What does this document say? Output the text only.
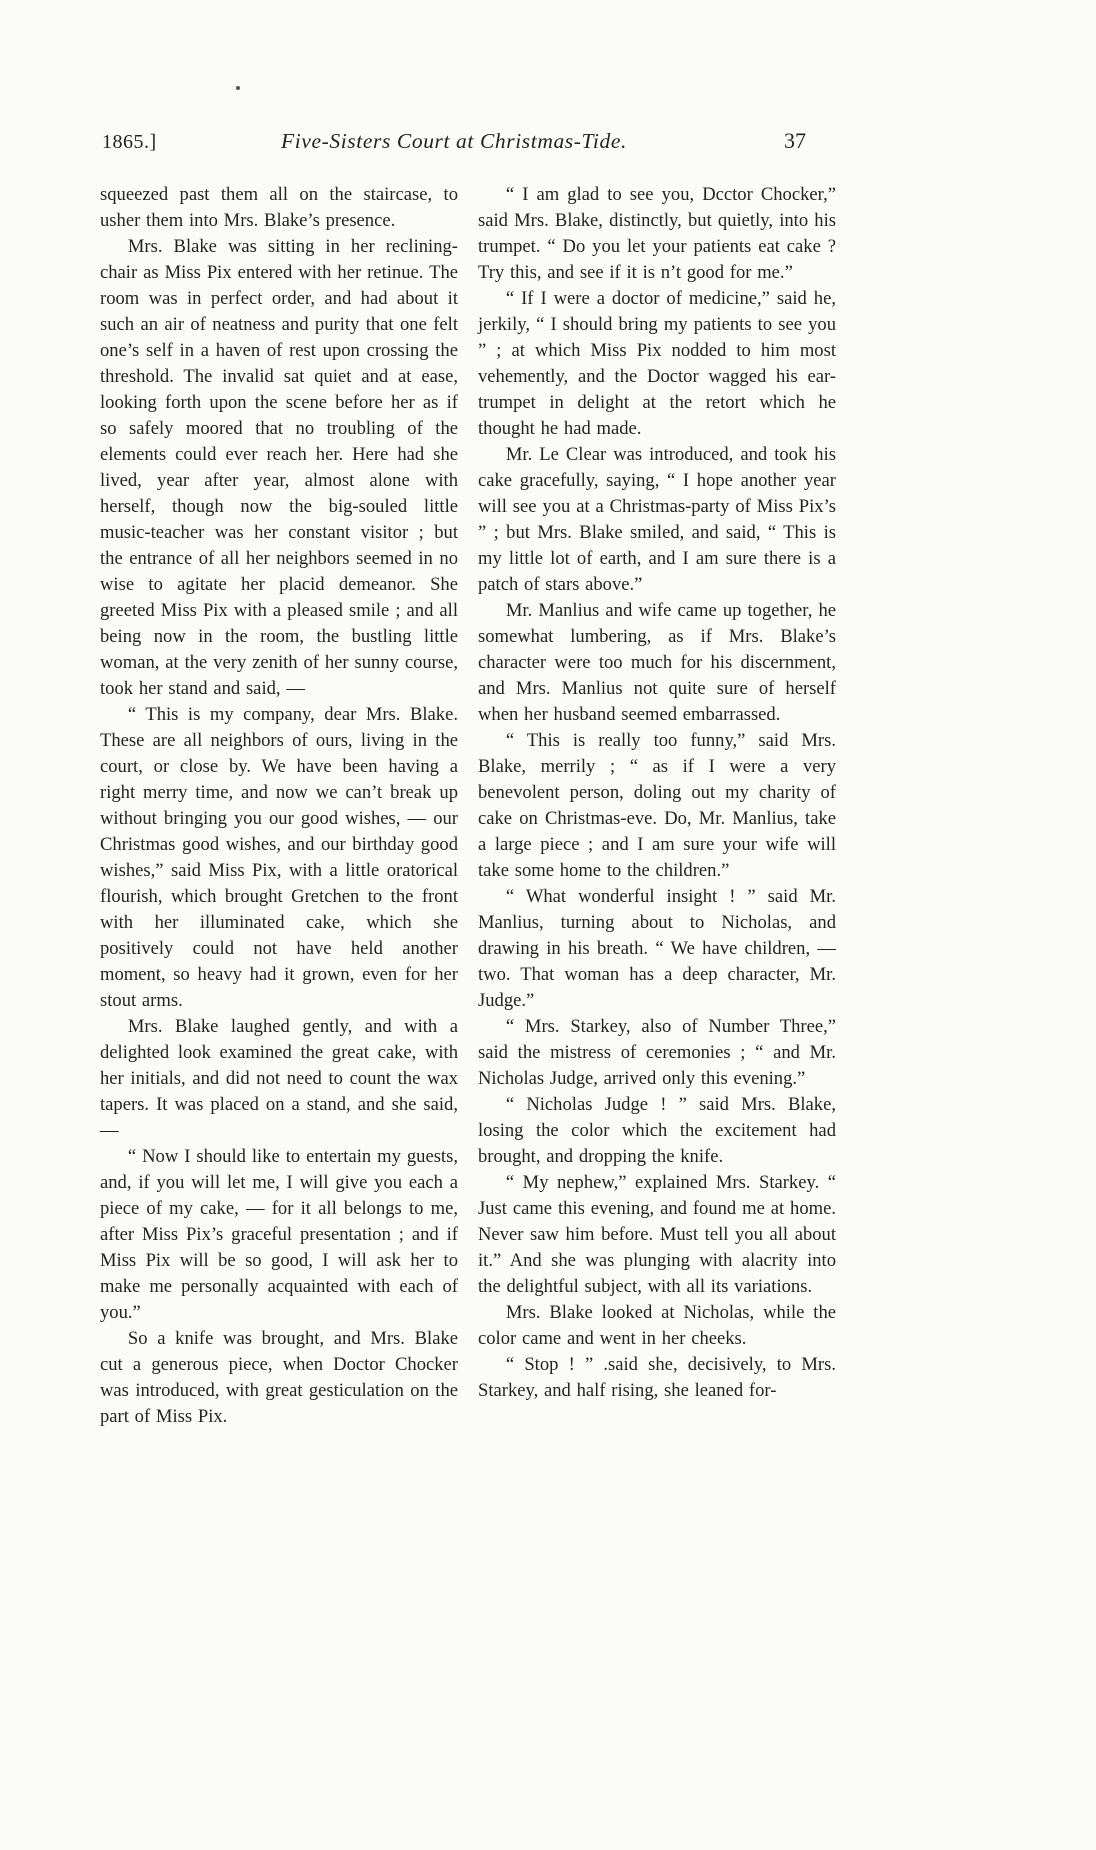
1865.]	Five-Sisters Court at Christmas-Tide.	37

squeezed past them all on the staircase, to usher them into Mrs. Blake’s presence.

Mrs. Blake was sitting in her reclining-chair as Miss Pix entered with her retinue. The room was in perfect order, and had about it such an air of neatness and purity that one felt one’s self in a haven of rest upon crossing the threshold. The invalid sat quiet and at ease, looking forth upon the scene before her as if so safely moored that no troubling of the elements could ever reach her. Here had she lived, year after year, almost alone with herself, though now the big-souled little music-teacher was her constant visitor ; but the entrance of all her neighbors seemed in no wise to agitate her placid demeanor. She greeted Miss Pix with a pleased smile ; and all being now in the room, the bustling little woman, at the very zenith of her sunny course, took her stand and said, —

“ This is my company, dear Mrs. Blake. These are all neighbors of ours, living in the court, or close by. We have been having a right merry time, and now we can’t break up without bringing you our good wishes, — our Christmas good wishes, and our birthday good wishes,” said Miss Pix, with a little oratorical flourish, which brought Gretchen to the front with her illuminated cake, which she positively could not have held another moment, so heavy had it grown, even for her stout arms.

Mrs. Blake laughed gently, and with a delighted look examined the great cake, with her initials, and did not need to count the wax tapers. It was placed on a stand, and she said, —

“ Now I should like to entertain my guests, and, if you will let me, I will give you each a piece of my cake, — for it all belongs to me, after Miss Pix’s graceful presentation ; and if Miss Pix will be so good, I will ask her to make me personally acquainted with each of you.”

So a knife was brought, and Mrs. Blake cut a generous piece, when Doctor Chocker was introduced, with great gesticulation on the part of Miss Pix.

“ I am glad to see you, Dcctor Chocker,” said Mrs. Blake, distinctly, but quietly, into his trumpet. “ Do you let your patients eat cake ? Try this, and see if it is n’t good for me.”

“ If I were a doctor of medicine,” said he, jerkily, “ I should bring my patients to see you ” ; at which Miss Pix nodded to him most vehemently, and the Doctor wagged his ear-trumpet in delight at the retort which he thought he had made.

Mr. Le Clear was introduced, and took his cake gracefully, saying, “ I hope another year will see you at a Christmas-party of Miss Pix’s ” ; but Mrs. Blake smiled, and said, “ This is my little lot of earth, and I am sure there is a patch of stars above.”

Mr. Manlius and wife came up together, he somewhat lumbering, as if Mrs. Blake’s character were too much for his discernment, and Mrs. Manlius not quite sure of herself when her husband seemed embarrassed.

“ This is really too funny,” said Mrs. Blake, merrily ; “ as if I were a very benevolent person, doling out my charity of cake on Christmas-eve. Do, Mr. Manlius, take a large piece ; and I am sure your wife will take some home to the children.”

“ What wonderful insight ! ” said Mr. Manlius, turning about to Nicholas, and drawing in his breath. “ We have children, — two. That woman has a deep character, Mr. Judge.”

“ Mrs. Starkey, also of Number Three,” said the mistress of ceremonies ; “ and Mr. Nicholas Judge, arrived only this evening.”

“ Nicholas Judge ! ” said Mrs. Blake, losing the color which the excitement had brought, and dropping the knife.

“ My nephew,” explained Mrs. Starkey. “ Just came this evening, and found me at home. Never saw him before. Must tell you all about it.” And she was plunging with alacrity into the delightful subject, with all its variations.

Mrs. Blake looked at Nicholas, while the color came and went in her cheeks.

“ Stop ! ” .said she, decisively, to Mrs. Starkey, and half rising, she leaned for-
